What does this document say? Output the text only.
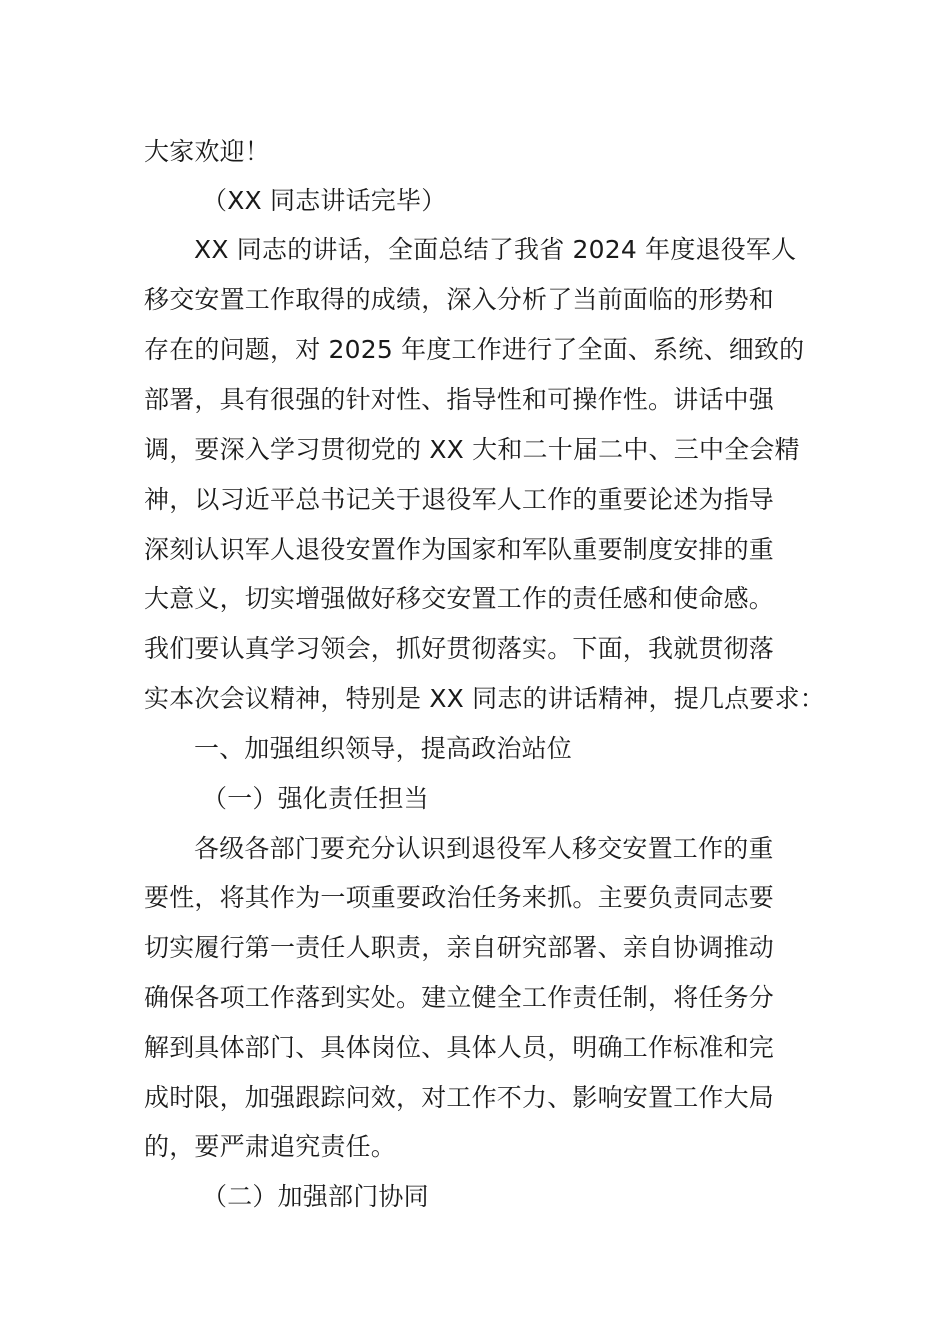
大家欢迎！
（XX 同志讲话完毕）
XX 同志的讲话，全面总结了我省 2024 年度退役军人
移交安置工作取得的成绩，深入分析了当前面临的形势和
存在的问题，对 2025 年度工作进行了全面、系统、细致的
部署，具有很强的针对性、指导性和可操作性。讲话中强
调，要深入学习贯彻党的 XX 大和二十届二中、三中全会精
神，以习近平总书记关于退役军人工作的重要论述为指导
深刻认识军人退役安置作为国家和军队重要制度安排的重
大意义，切实增强做好移交安置工作的责任感和使命感。
我们要认真学习领会，抓好贯彻落实。下面，我就贯彻落
实本次会议精神，特别是 XX 同志的讲话精神，提几点要求：
一、加强组织领导，提高政治站位
（一）强化责任担当
各级各部门要充分认识到退役军人移交安置工作的重
要性，将其作为一项重要政治任务来抓。主要负责同志要
切实履行第一责任人职责，亲自研究部署、亲自协调推动
确保各项工作落到实处。建立健全工作责任制，将任务分
解到具体部门、具体岗位、具体人员，明确工作标准和完
成时限，加强跟踪问效，对工作不力、影响安置工作大局
的，要严肃追究责任。
（二）加强部门协同
